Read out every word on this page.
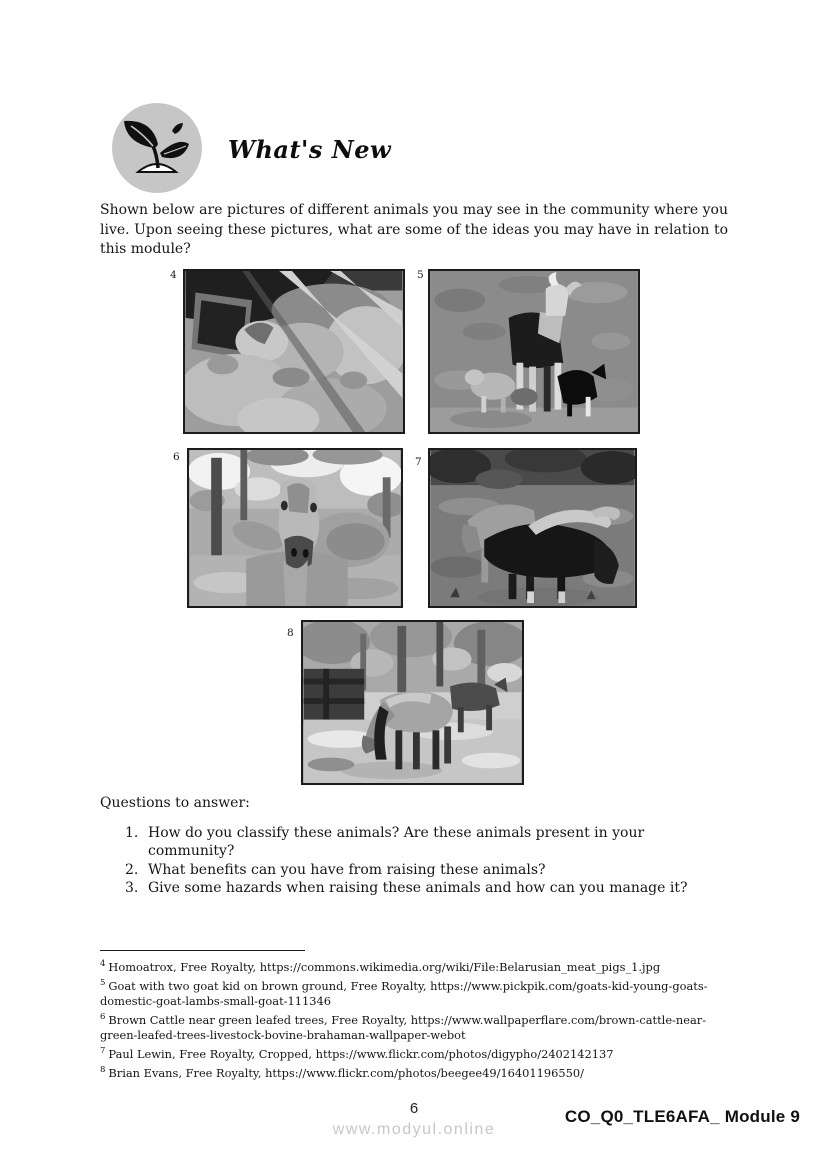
What's New

Shown below are pictures of different animals you may see in the community where you live. Upon seeing these pictures, what are some of the ideas you may have in relation to this module?

4	5
6	7
8
Questions to answer:
1. How do you classify these animals? Are these animals present in your community?
2. What benefits can you have from raising these animals?
3. Give some hazards when raising these animals and how can you manage it?
$^4$ Homoatrox, Free Royalty, https://commons.wikimedia.org/wiki/File:Belarusian_meat_pigs_1.jpg
$^5$ Goat with two goat kid on brown ground, Free Royalty, https://www.pickpik.com/goats-kid-young-goats-domestic-goat-lambs-small-goat-111346
$^6$ Brown Cattle near green leafed trees, Free Royalty, https://www.wallpaperflare.com/brown-cattle-near-green-leafed-trees-livestock-bovine-brahaman-wallpaper-webot
$^7$ Paul Lewin, Free Royalty, Cropped, https://www.flickr.com/photos/digypho/2402142137
$^8$ Brian Evans, Free Royalty, https://www.flickr.com/photos/beegee49/16401196550/
6
www.modyul.online
CO_Q0_TLE6AFA_ Module 9
